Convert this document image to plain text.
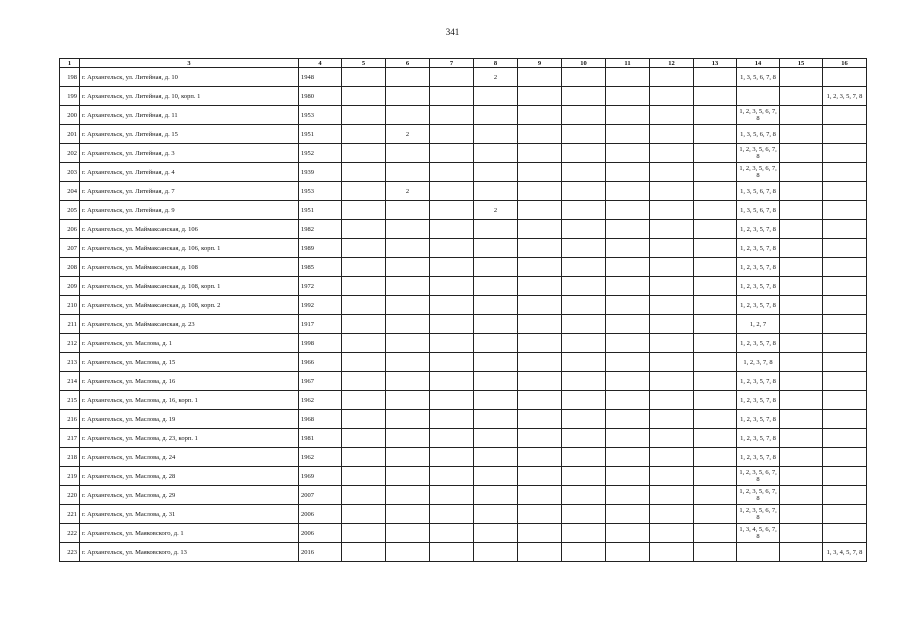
341
1	3	4	5	6	7	8	9	10	11	12	13	14	15	16
198	г. Архангельск, ул. Литейная, д. 10	1948				2						1, 3, 5, 6, 7, 8		
199	г. Архангельск, ул. Литейная, д. 10, корп. 1	1980												1, 2, 3, 5, 7, 8
200	г. Архангельск, ул. Литейная, д. 11	1953										1, 2, 3, 5, 6, 7, 8		
201	г. Архангельск, ул. Литейная, д. 15	1951		2								1, 3, 5, 6, 7, 8		
202	г. Архангельск, ул. Литейная, д. 3	1952										1, 2, 3, 5, 6, 7, 8		
203	г. Архангельск, ул. Литейная, д. 4	1939										1, 2, 3, 5, 6, 7, 8		
204	г. Архангельск, ул. Литейная, д. 7	1953		2								1, 3, 5, 6, 7, 8		
205	г. Архангельск, ул. Литейная, д. 9	1951				2						1, 3, 5, 6, 7, 8		
206	г. Архангельск, ул. Маймаксанская, д. 106	1982										1, 2, 3, 5, 7, 8		
207	г. Архангельск, ул. Маймаксанская, д. 106, корп. 1	1989										1, 2, 3, 5, 7, 8		
208	г. Архангельск, ул. Маймаксанская, д. 108	1985										1, 2, 3, 5, 7, 8		
209	г. Архангельск, ул. Маймаксанская, д. 108, корп. 1	1972										1, 2, 3, 5, 7, 8		
210	г. Архангельск, ул. Маймаксанская, д. 108, корп. 2	1992										1, 2, 3, 5, 7, 8		
211	г. Архангельск, ул. Маймаксанская, д. 23	1917										1, 2, 7		
212	г. Архангельск, ул. Маслова, д. 1	1998										1, 2, 3, 5, 7, 8		
213	г. Архангельск, ул. Маслова, д. 15	1966										1, 2, 3, 7, 8		
214	г. Архангельск, ул. Маслова, д. 16	1967										1, 2, 3, 5, 7, 8		
215	г. Архангельск, ул. Маслова, д. 16, корп. 1	1962										1, 2, 3, 5, 7, 8		
216	г. Архангельск, ул. Маслова, д. 19	1968										1, 2, 3, 5, 7, 8		
217	г. Архангельск, ул. Маслова, д. 23, корп. 1	1981										1, 2, 3, 5, 7, 8		
218	г. Архангельск, ул. Маслова, д. 24	1962										1, 2, 3, 5, 7, 8		
219	г. Архангельск, ул. Маслова, д. 28	1969										1, 2, 3, 5, 6, 7, 8		
220	г. Архангельск, ул. Маслова, д. 29	2007										1, 2, 3, 5, 6, 7, 8		
221	г. Архангельск, ул. Маслова, д. 31	2006										1, 2, 3, 5, 6, 7, 8		
222	г. Архангельск, ул. Маяковского, д. 1	2006										1, 3, 4, 5, 6, 7, 8		
223	г. Архангельск, ул. Маяковского, д. 13	2016												1, 3, 4, 5, 7, 8
